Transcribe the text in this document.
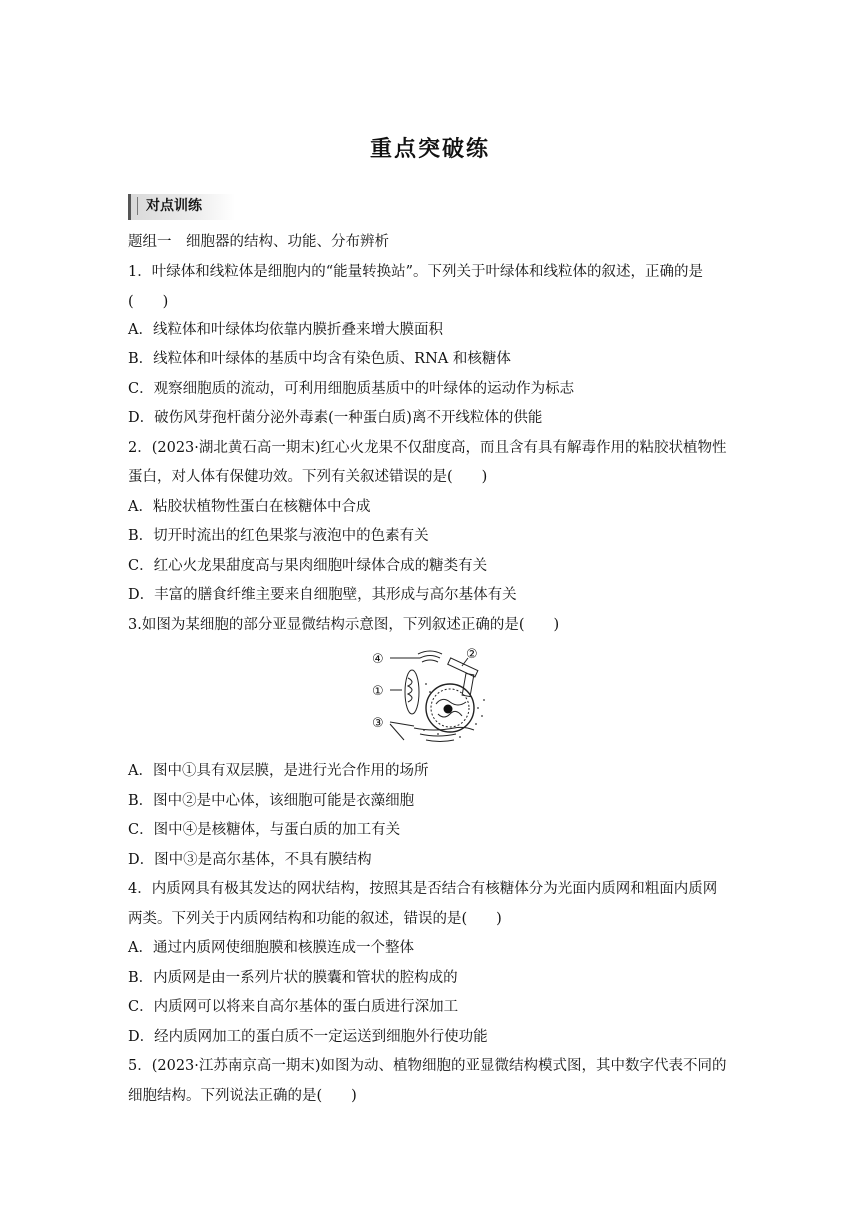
重点突破练
对点训练
题组一　细胞器的结构、功能、分布辨析
1．叶绿体和线粒体是细胞内的“能量转换站”。下列关于叶绿体和线粒体的叙述，正确的是
(　　)
A．线粒体和叶绿体均依靠内膜折叠来增大膜面积
B．线粒体和叶绿体的基质中均含有染色质、RNA 和核糖体
C．观察细胞质的流动，可利用细胞质基质中的叶绿体的运动作为标志
D．破伤风芽孢杆菌分泌外毒素(一种蛋白质)离不开线粒体的供能
2．(2023·湖北黄石高一期末)红心火龙果不仅甜度高，而且含有具有解毒作用的粘胶状植物性
蛋白，对人体有保健功效。下列有关叙述错误的是(　　)
A．粘胶状植物性蛋白在核糖体中合成
B．切开时流出的红色果浆与液泡中的色素有关
C．红心火龙果甜度高与果肉细胞叶绿体合成的糖类有关
D．丰富的膳食纤维主要来自细胞壁，其形成与高尔基体有关
3.如图为某细胞的部分亚显微结构示意图，下列叙述正确的是(　　)
④	②
①
③
A．图中①具有双层膜，是进行光合作用的场所
B．图中②是中心体，该细胞可能是衣藻细胞
C．图中④是核糖体，与蛋白质的加工有关
D．图中③是高尔基体，不具有膜结构
4．内质网具有极其发达的网状结构，按照其是否结合有核糖体分为光面内质网和粗面内质网
两类。下列关于内质网结构和功能的叙述，错误的是(　　)
A．通过内质网使细胞膜和核膜连成一个整体
B．内质网是由一系列片状的膜囊和管状的腔构成的
C．内质网可以将来自高尔基体的蛋白质进行深加工
D．经内质网加工的蛋白质不一定运送到细胞外行使功能
5．(2023·江苏南京高一期末)如图为动、植物细胞的亚显微结构模式图，其中数字代表不同的
细胞结构。下列说法正确的是(　　)
